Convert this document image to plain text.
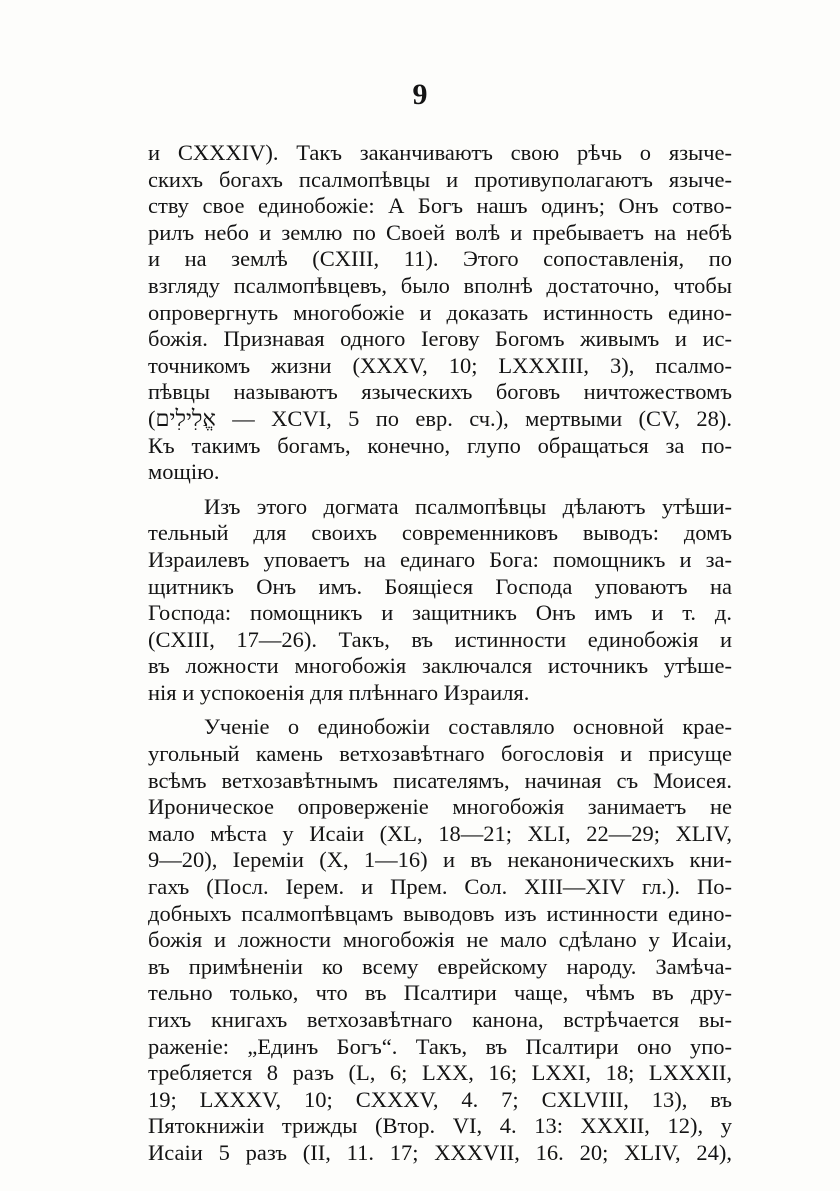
9
и CXXXIV). Такъ заканчиваютъ свою рѣчь о языче-
скихъ богахъ псалмопѣвцы и противуполагаютъ языче-
ству свое единобожіе: А Богъ нашъ одинъ; Онъ сотво-
рилъ небо и землю по Своей волѣ и пребываетъ на небѣ
и на землѣ (CXIII, 11). Этого сопоставленія, по
взгляду псалмопѣвцевъ, было вполнѣ достаточно, чтобы
опровергнуть многобожіе и доказать истинность едино-
божія. Признавая одного Іегову Богомъ живымъ и ис-
точникомъ жизни (XXXV, 10; LXXXIII, 3), псалмо-
пѣвцы называютъ языческихъ боговъ ничтожествомъ
(אֱלִילִים — XCVI, 5 по евр. сч.), мертвыми (CV, 28).
Къ такимъ богамъ, конечно, глупо обращаться за по-
мощію.
Изъ этого догмата псалмопѣвцы дѣлаютъ утѣши-
тельный для своихъ современниковъ выводъ: домъ
Израилевъ уповаетъ на единаго Бога: помощникъ и за-
щитникъ Онъ имъ. Боящіеся Господа уповаютъ на
Господа: помощникъ и защитникъ Онъ имъ и т. д.
(CXIII, 17—26). Такъ, въ истинности единобожія и
въ ложности многобожія заключался источникъ утѣше-
нія и успокоенія для плѣннаго Израиля.
Ученіе о единобожіи составляло основной крае-
угольный камень ветхозавѣтнаго богословія и присуще
всѣмъ ветхозавѣтнымъ писателямъ, начиная съ Моисея.
Ироническое опроверженіе многобожія занимаетъ не
мало мѣста у Исаіи (XL, 18—21; XLI, 22—29; XLIV,
9—20), Іереміи (X, 1—16) и въ неканоническихъ кни-
гахъ (Посл. Іерем. и Прем. Сол. XIII—XIV гл.). По-
добныхъ псалмопѣвцамъ выводовъ изъ истинности едино-
божія и ложности многобожія не мало сдѣлано у Исаіи,
въ примѣненіи ко всему еврейскому народу. Замѣча-
тельно только, что въ Псалтири чаще, чѣмъ въ дру-
гихъ книгахъ ветхозавѣтнаго канона, встрѣчается вы-
раженіе: „Единъ Богъ“. Такъ, въ Псалтири оно упо-
требляется 8 разъ (L, 6; LXX, 16; LXXI, 18; LXXXII,
19; LXXXV, 10; CXXXV, 4. 7; CXLVIII, 13), въ
Пятокнижіи трижды (Втор. VI, 4. 13: XXXII, 12), у
Исаіи 5 разъ (II, 11. 17; XXXVII, 16. 20; XLIV, 24),
